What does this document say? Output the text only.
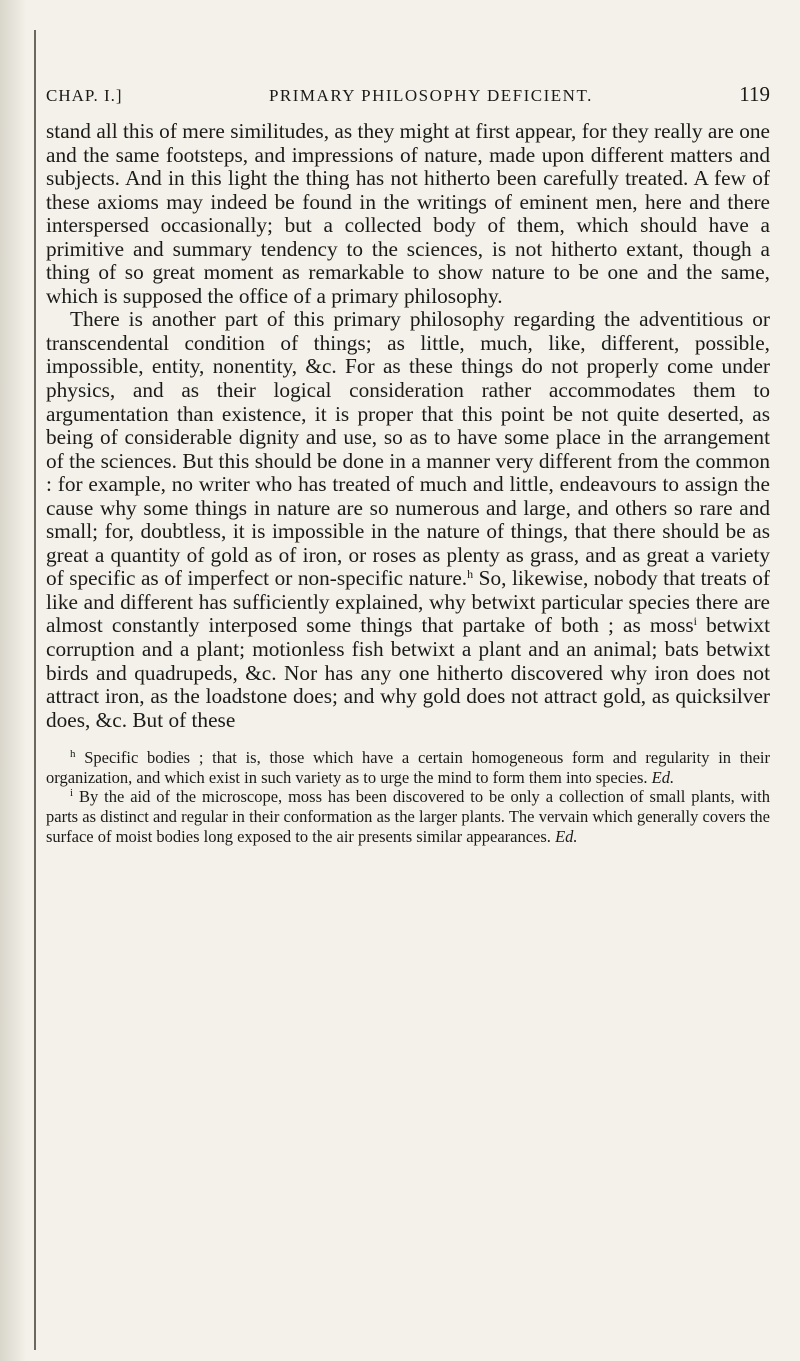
CHAP. I.]	PRIMARY PHILOSOPHY DEFICIENT.	119

stand all this of mere similitudes, as they might at first appear, for they really are one and the same footsteps, and impressions of nature, made upon different matters and subjects. And in this light the thing has not hitherto been carefully treated. A few of these axioms may indeed be found in the writings of eminent men, here and there interspersed occasionally; but a collected body of them, which should have a primitive and summary tendency to the sciences, is not hitherto extant, though a thing of so great moment as remarkable to show nature to be one and the same, which is supposed the office of a primary philosophy.

There is another part of this primary philosophy regarding the adventitious or transcendental condition of things; as little, much, like, different, possible, impossible, entity, nonentity, &c. For as these things do not properly come under physics, and as their logical consideration rather accommodates them to argumentation than existence, it is proper that this point be not quite deserted, as being of considerable dignity and use, so as to have some place in the arrangement of the sciences. But this should be done in a manner very different from the common : for example, no writer who has treated of much and little, endeavours to assign the cause why some things in nature are so numerous and large, and others so rare and small; for, doubtless, it is impossible in the nature of things, that there should be as great a quantity of gold as of iron, or roses as plenty as grass, and as great a variety of specific as of imperfect or non-specific nature.$^h$ So, likewise, nobody that treats of like and different has sufficiently explained, why betwixt particular species there are almost constantly interposed some things that partake of both ; as moss$^i$ betwixt corruption and a plant; motionless fish betwixt a plant and an animal; bats betwixt birds and quadrupeds, &c. Nor has any one hitherto discovered why iron does not attract iron, as the loadstone does; and why gold does not attract gold, as quicksilver does, &c. But of these

$^h$ Specific bodies ; that is, those which have a certain homogeneous form and regularity in their organization, and which exist in such variety as to urge the mind to form them into species. Ed.

$^i$ By the aid of the microscope, moss has been discovered to be only a collection of small plants, with parts as distinct and regular in their conformation as the larger plants. The vervain which generally covers the surface of moist bodies long exposed to the air presents similar appearances. Ed.
